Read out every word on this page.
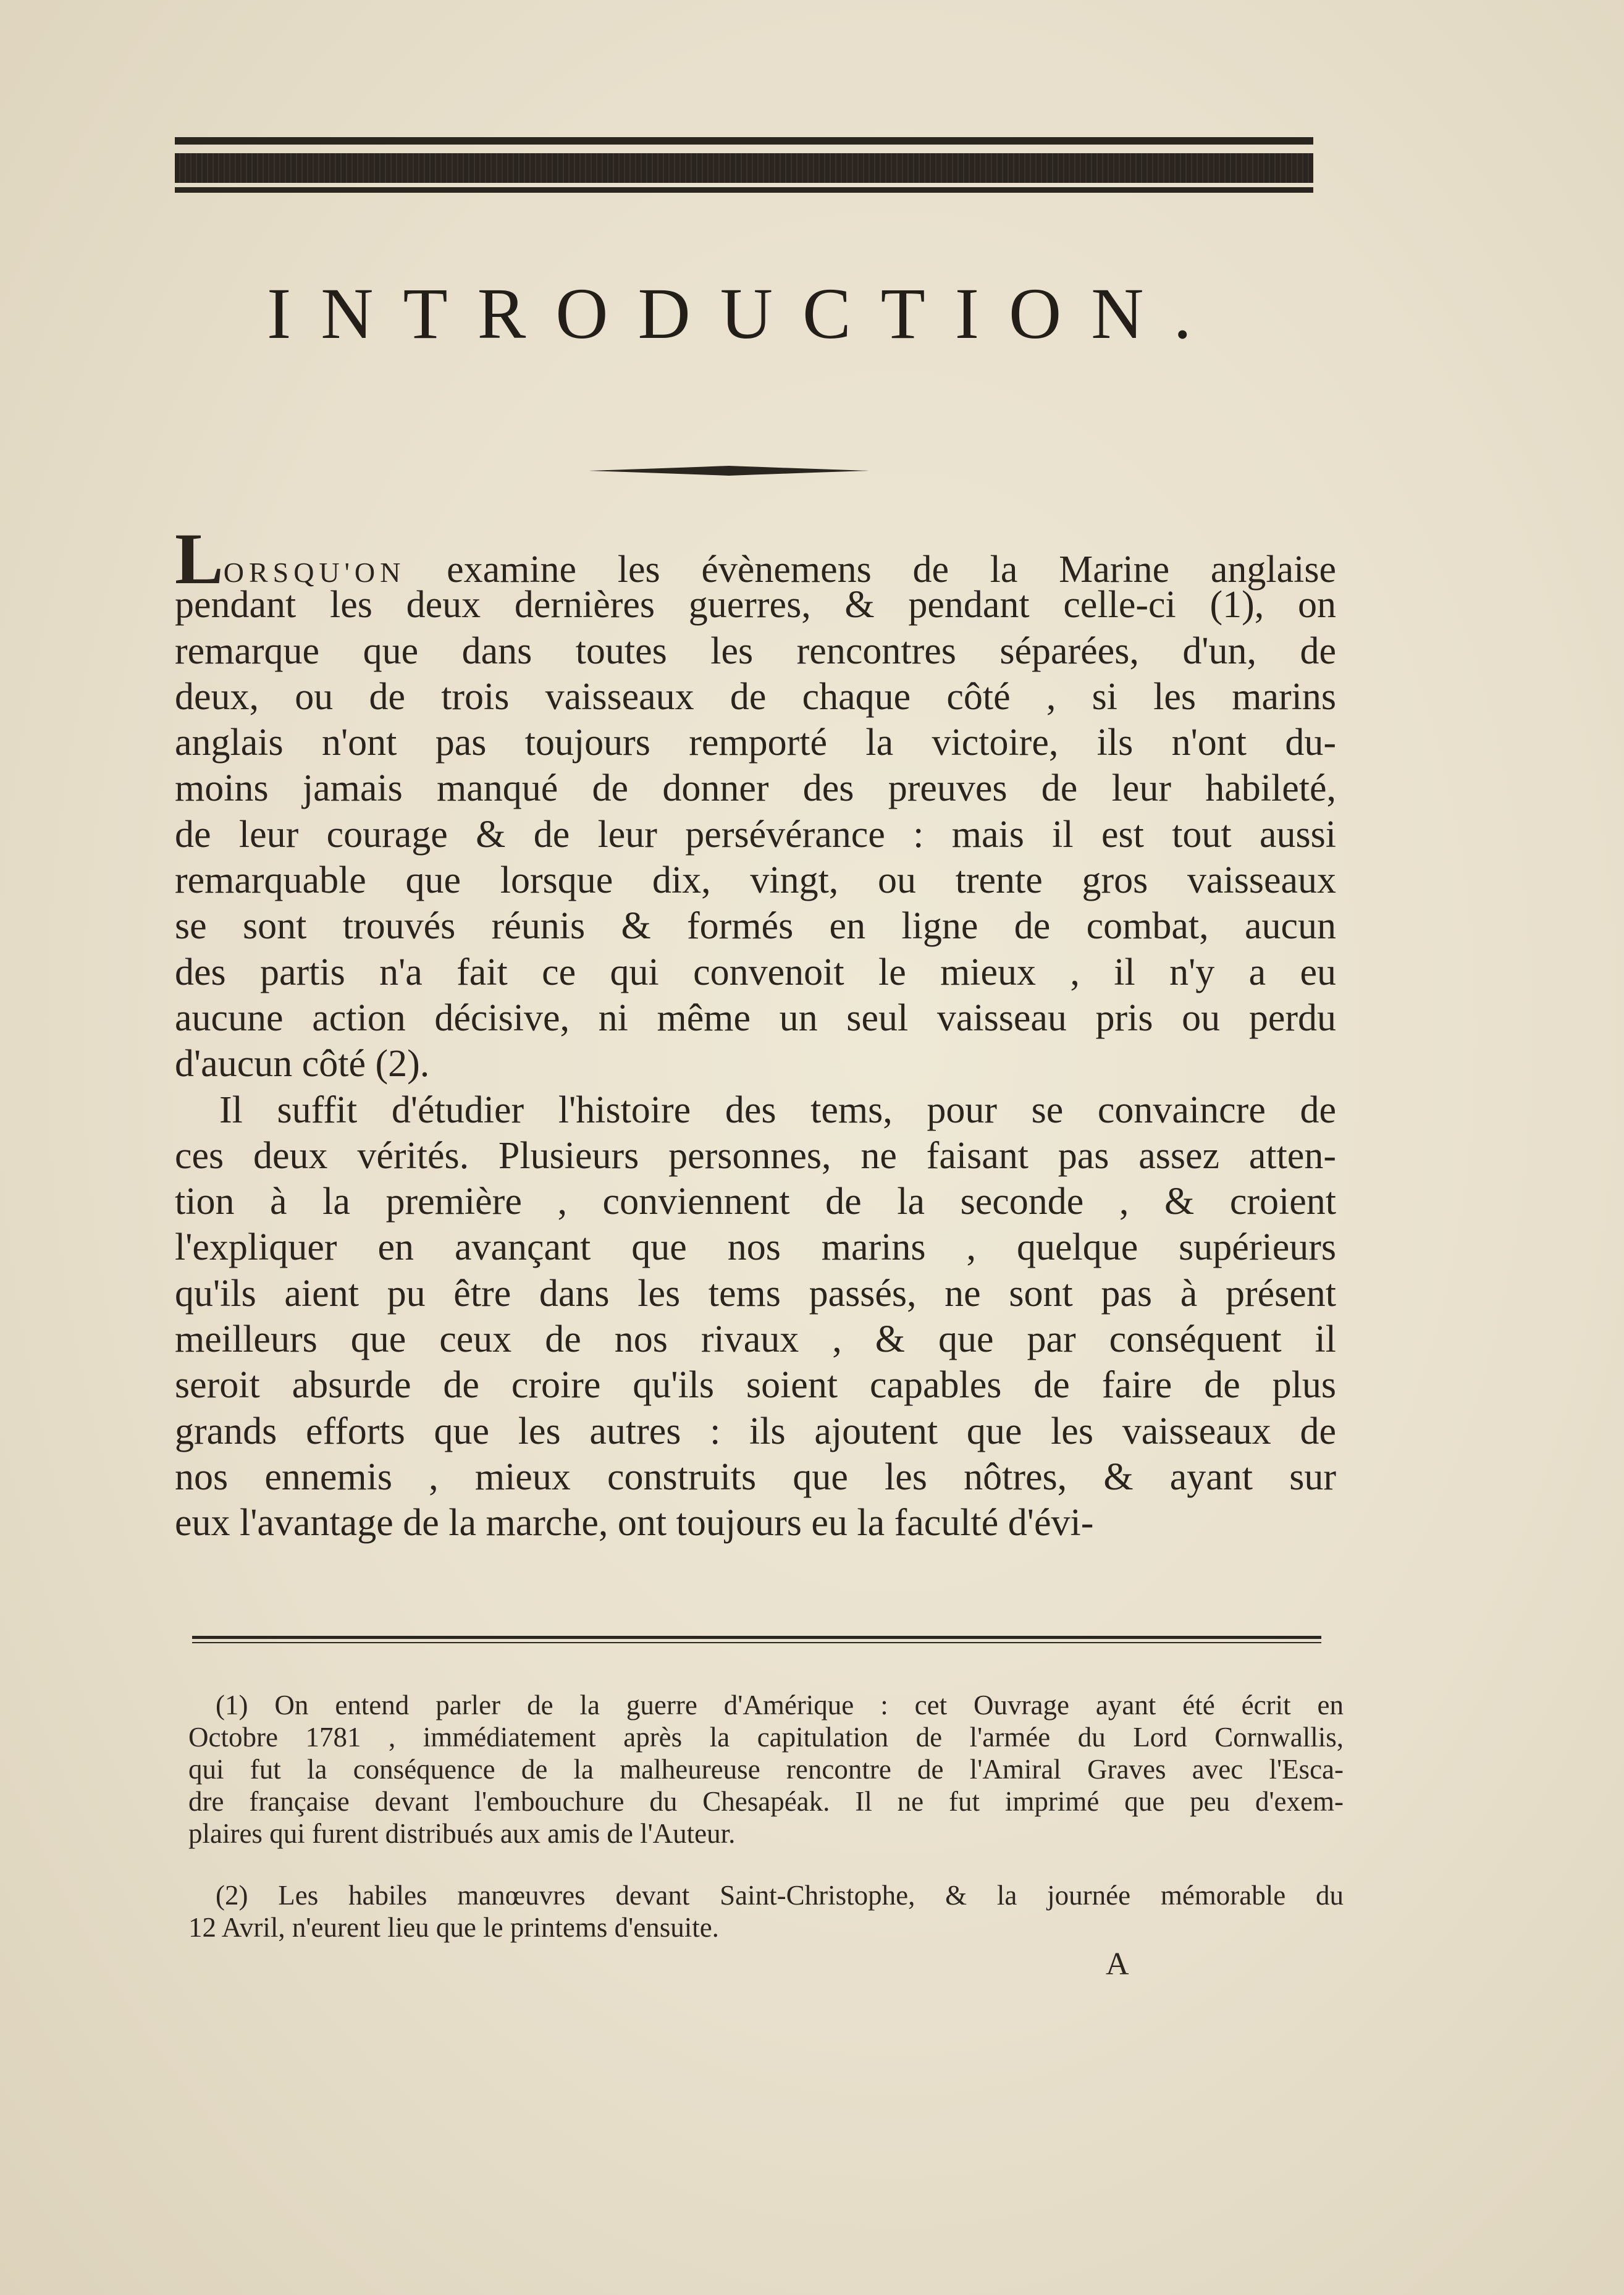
INTRODUCTION.
LORSQU'ON examine les évènemens de la Marine anglaise
pendant les deux dernières guerres, & pendant celle-ci (1), on
remarque que dans toutes les rencontres séparées, d'un, de
deux, ou de trois vaisseaux de chaque côté , si les marins
anglais n'ont pas toujours remporté la victoire, ils n'ont du-
moins jamais manqué de donner des preuves de leur habileté,
de leur courage & de leur persévérance : mais il est tout aussi
remarquable que lorsque dix, vingt, ou trente gros vaisseaux
se sont trouvés réunis & formés en ligne de combat, aucun
des partis n'a fait ce qui convenoit le mieux , il n'y a eu
aucune action décisive, ni même un seul vaisseau pris ou perdu
d'aucun côté (2).
Il suffit d'étudier l'histoire des tems, pour se convaincre de
ces deux vérités. Plusieurs personnes, ne faisant pas assez atten-
tion à la première , conviennent de la seconde , & croient
l'expliquer en avançant que nos marins , quelque supérieurs
qu'ils aient pu être dans les tems passés, ne sont pas à présent
meilleurs que ceux de nos rivaux , & que par conséquent il
seroit absurde de croire qu'ils soient capables de faire de plus
grands efforts que les autres : ils ajoutent que les vaisseaux de
nos ennemis , mieux construits que les nôtres, & ayant sur
eux l'avantage de la marche, ont toujours eu la faculté d'évi-
(1) On entend parler de la guerre d'Amérique : cet Ouvrage ayant été écrit en
Octobre 1781 , immédiatement après la capitulation de l'armée du Lord Cornwallis,
qui fut la conséquence de la malheureuse rencontre de l'Amiral Graves avec l'Esca-
dre française devant l'embouchure du Chesapéak. Il ne fut imprimé que peu d'exem-
plaires qui furent distribués aux amis de l'Auteur.
(2) Les habiles manœuvres devant Saint-Christophe, & la journée mémorable du
12 Avril, n'eurent lieu que le printems d'ensuite.
A
